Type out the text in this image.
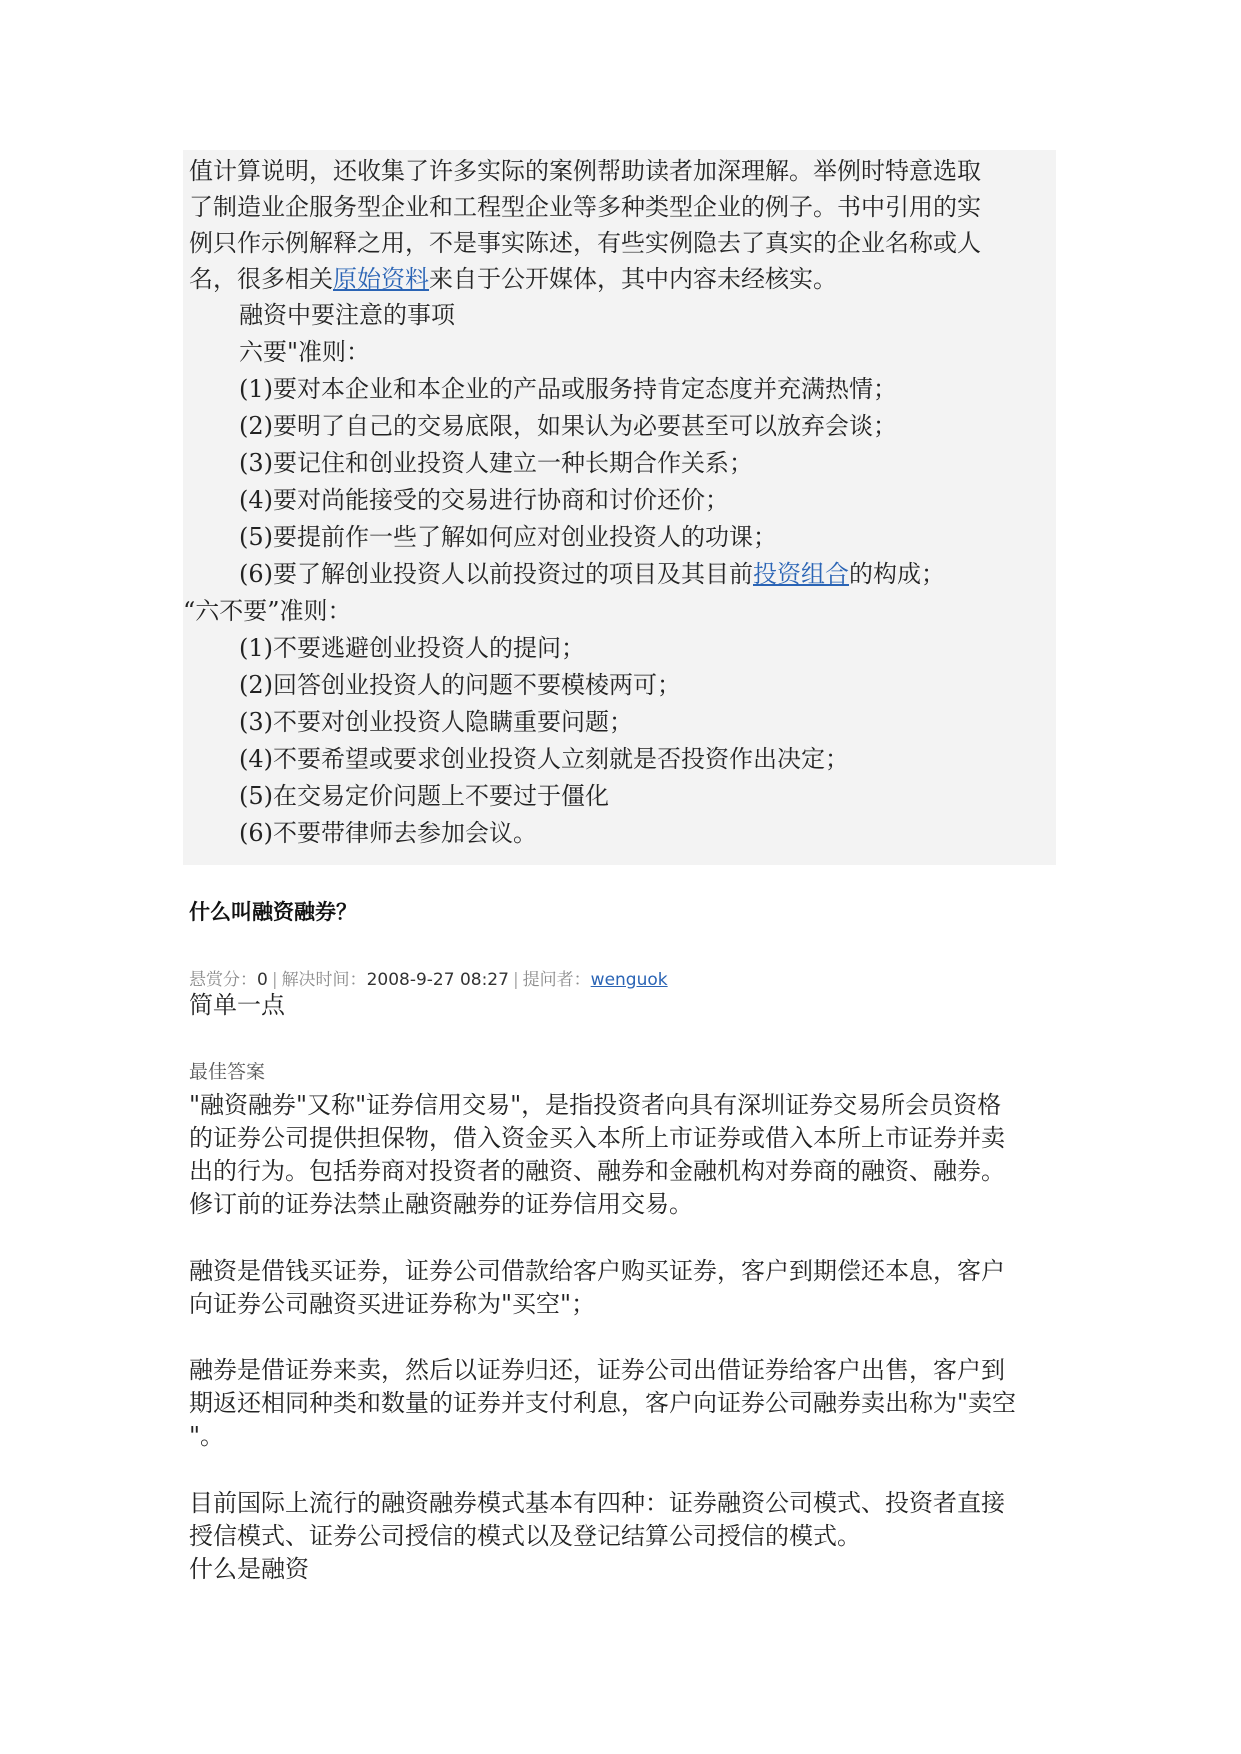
值计算说明，还收集了许多实际的案例帮助读者加深理解。举例时特意选取
了制造业企服务型企业和工程型企业等多种类型企业的例子。书中引用的实
例只作示例解释之用，不是事实陈述，有些实例隐去了真实的企业名称或人
名，很多相关原始资料来自于公开媒体，其中内容未经核实。
融资中要注意的事项
六要"准则：
(1)要对本企业和本企业的产品或服务持肯定态度并充满热情；
(2)要明了自己的交易底限，如果认为必要甚至可以放弃会谈；
(3)要记住和创业投资人建立一种长期合作关系；
(4)要对尚能接受的交易进行协商和讨价还价；
(5)要提前作一些了解如何应对创业投资人的功课；
(6)要了解创业投资人以前投资过的项目及其目前投资组合的构成；
“六不要”准则：
(1)不要逃避创业投资人的提问；
(2)回答创业投资人的问题不要模棱两可；
(3)不要对创业投资人隐瞒重要问题；
(4)不要希望或要求创业投资人立刻就是否投资作出决定；
(5)在交易定价问题上不要过于僵化
(6)不要带律师去参加会议。
什么叫融资融券？
悬赏分：0 | 解决时间：2008-9-27 08:27 | 提问者：wenguok
简单一点
最佳答案
"融资融券"又称"证券信用交易"，是指投资者向具有深圳证券交易所会员资格
的证券公司提供担保物，借入资金买入本所上市证券或借入本所上市证券并卖
出的行为。包括券商对投资者的融资、融券和金融机构对券商的融资、融券。
修订前的证券法禁止融资融券的证券信用交易。
融资是借钱买证券，证券公司借款给客户购买证券，客户到期偿还本息，客户
向证券公司融资买进证券称为"买空"；
融券是借证券来卖，然后以证券归还，证券公司出借证券给客户出售，客户到
期返还相同种类和数量的证券并支付利息，客户向证券公司融券卖出称为"卖空
"。
目前国际上流行的融资融券模式基本有四种：证券融资公司模式、投资者直接
授信模式、证券公司授信的模式以及登记结算公司授信的模式。
什么是融资
